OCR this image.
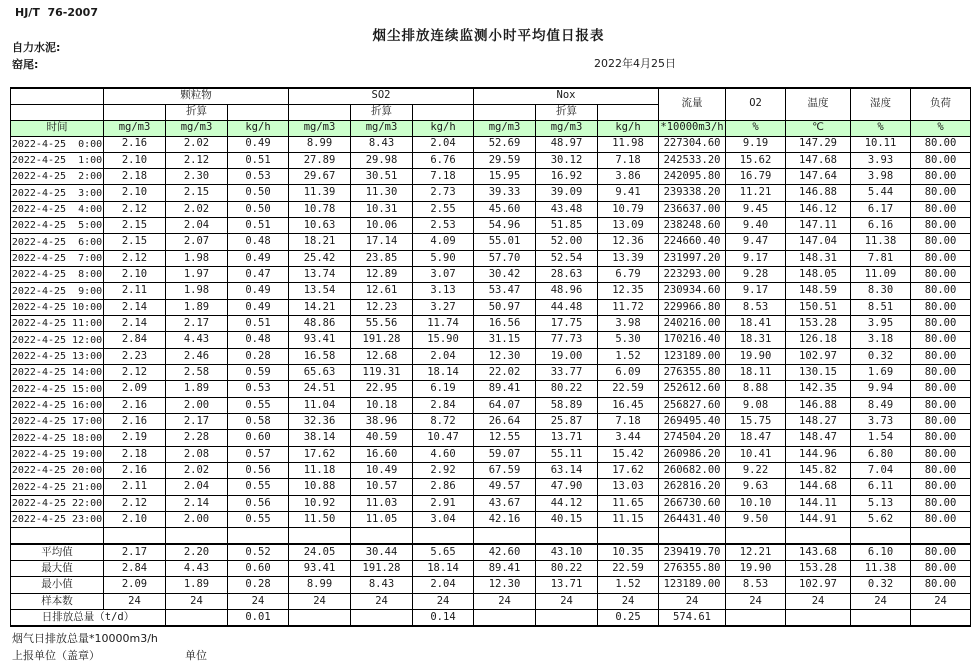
HJ/T  76-2007
烟尘排放连续监测小时平均值日报表
自力水泥:
窑尾:	2022年4月25日
	颗粒物			SO2			Nox			流量	O2	温度	湿度	负荷
		折算			折算			折算						
时间	mg/m3	mg/m3	kg/h	mg/m3	mg/m3	kg/h	mg/m3	mg/m3	kg/h	*10000m3/h	%	℃	%	%
2022-4-25  0:00	2.16	2.02	0.49	8.99	8.43	2.04	52.69	48.97	11.98	227304.60	9.19	147.29	10.11	80.00
2022-4-25  1:00	2.10	2.12	0.51	27.89	29.98	6.76	29.59	30.12	7.18	242533.20	15.62	147.68	3.93	80.00
2022-4-25  2:00	2.18	2.30	0.53	29.67	30.51	7.18	15.95	16.92	3.86	242095.80	16.79	147.64	3.98	80.00
2022-4-25  3:00	2.10	2.15	0.50	11.39	11.30	2.73	39.33	39.09	9.41	239338.20	11.21	146.88	5.44	80.00
2022-4-25  4:00	2.12	2.02	0.50	10.78	10.31	2.55	45.60	43.48	10.79	236637.00	9.45	146.12	6.17	80.00
2022-4-25  5:00	2.15	2.04	0.51	10.63	10.06	2.53	54.96	51.85	13.09	238248.60	9.40	147.11	6.16	80.00
2022-4-25  6:00	2.15	2.07	0.48	18.21	17.14	4.09	55.01	52.00	12.36	224660.40	9.47	147.04	11.38	80.00
2022-4-25  7:00	2.12	1.98	0.49	25.42	23.85	5.90	57.70	52.54	13.39	231997.20	9.17	148.31	7.81	80.00
2022-4-25  8:00	2.10	1.97	0.47	13.74	12.89	3.07	30.42	28.63	6.79	223293.00	9.28	148.05	11.09	80.00
2022-4-25  9:00	2.11	1.98	0.49	13.54	12.61	3.13	53.47	48.96	12.35	230934.60	9.17	148.59	8.30	80.00
2022-4-25 10:00	2.14	1.89	0.49	14.21	12.23	3.27	50.97	44.48	11.72	229966.80	8.53	150.51	8.51	80.00
2022-4-25 11:00	2.14	2.17	0.51	48.86	55.56	11.74	16.56	17.75	3.98	240216.00	18.41	153.28	3.95	80.00
2022-4-25 12:00	2.84	4.43	0.48	93.41	191.28	15.90	31.15	77.73	5.30	170216.40	18.31	126.18	3.18	80.00
2022-4-25 13:00	2.23	2.46	0.28	16.58	12.68	2.04	12.30	19.00	1.52	123189.00	19.90	102.97	0.32	80.00
2022-4-25 14:00	2.12	2.58	0.59	65.63	119.31	18.14	22.02	33.77	6.09	276355.80	18.11	130.15	1.69	80.00
2022-4-25 15:00	2.09	1.89	0.53	24.51	22.95	6.19	89.41	80.22	22.59	252612.60	8.88	142.35	9.94	80.00
2022-4-25 16:00	2.16	2.00	0.55	11.04	10.18	2.84	64.07	58.89	16.45	256827.60	9.08	146.88	8.49	80.00
2022-4-25 17:00	2.16	2.17	0.58	32.36	38.96	8.72	26.64	25.87	7.18	269495.40	15.75	148.27	3.73	80.00
2022-4-25 18:00	2.19	2.28	0.60	38.14	40.59	10.47	12.55	13.71	3.44	274504.20	18.47	148.47	1.54	80.00
2022-4-25 19:00	2.18	2.08	0.57	17.62	16.60	4.60	59.07	55.11	15.42	260986.20	10.41	144.96	6.80	80.00
2022-4-25 20:00	2.16	2.02	0.56	11.18	10.49	2.92	67.59	63.14	17.62	260682.00	9.22	145.82	7.04	80.00
2022-4-25 21:00	2.11	2.04	0.55	10.88	10.57	2.86	49.57	47.90	13.03	262816.20	9.63	144.68	6.11	80.00
2022-4-25 22:00	2.12	2.14	0.56	10.92	11.03	2.91	43.67	44.12	11.65	266730.60	10.10	144.11	5.13	80.00
2022-4-25 23:00	2.10	2.00	0.55	11.50	11.05	3.04	42.16	40.15	11.15	264431.40	9.50	144.91	5.62	80.00

平均值	2.17	2.20	0.52	24.05	30.44	5.65	42.60	43.10	10.35	239419.70	12.21	143.68	6.10	80.00
最大值	2.84	4.43	0.60	93.41	191.28	18.14	89.41	80.22	22.59	276355.80	19.90	153.28	11.38	80.00
最小值	2.09	1.89	0.28	8.99	8.43	2.04	12.30	13.71	1.52	123189.00	8.53	102.97	0.32	80.00
样本数	24	24	24	24	24	24	24	24	24	24	24	24	24	24
日排放总量（t/d）			0.01			0.14			0.25	574.61				
烟气日排放总量*10000m3/h
上报单位（盖章）	单位
